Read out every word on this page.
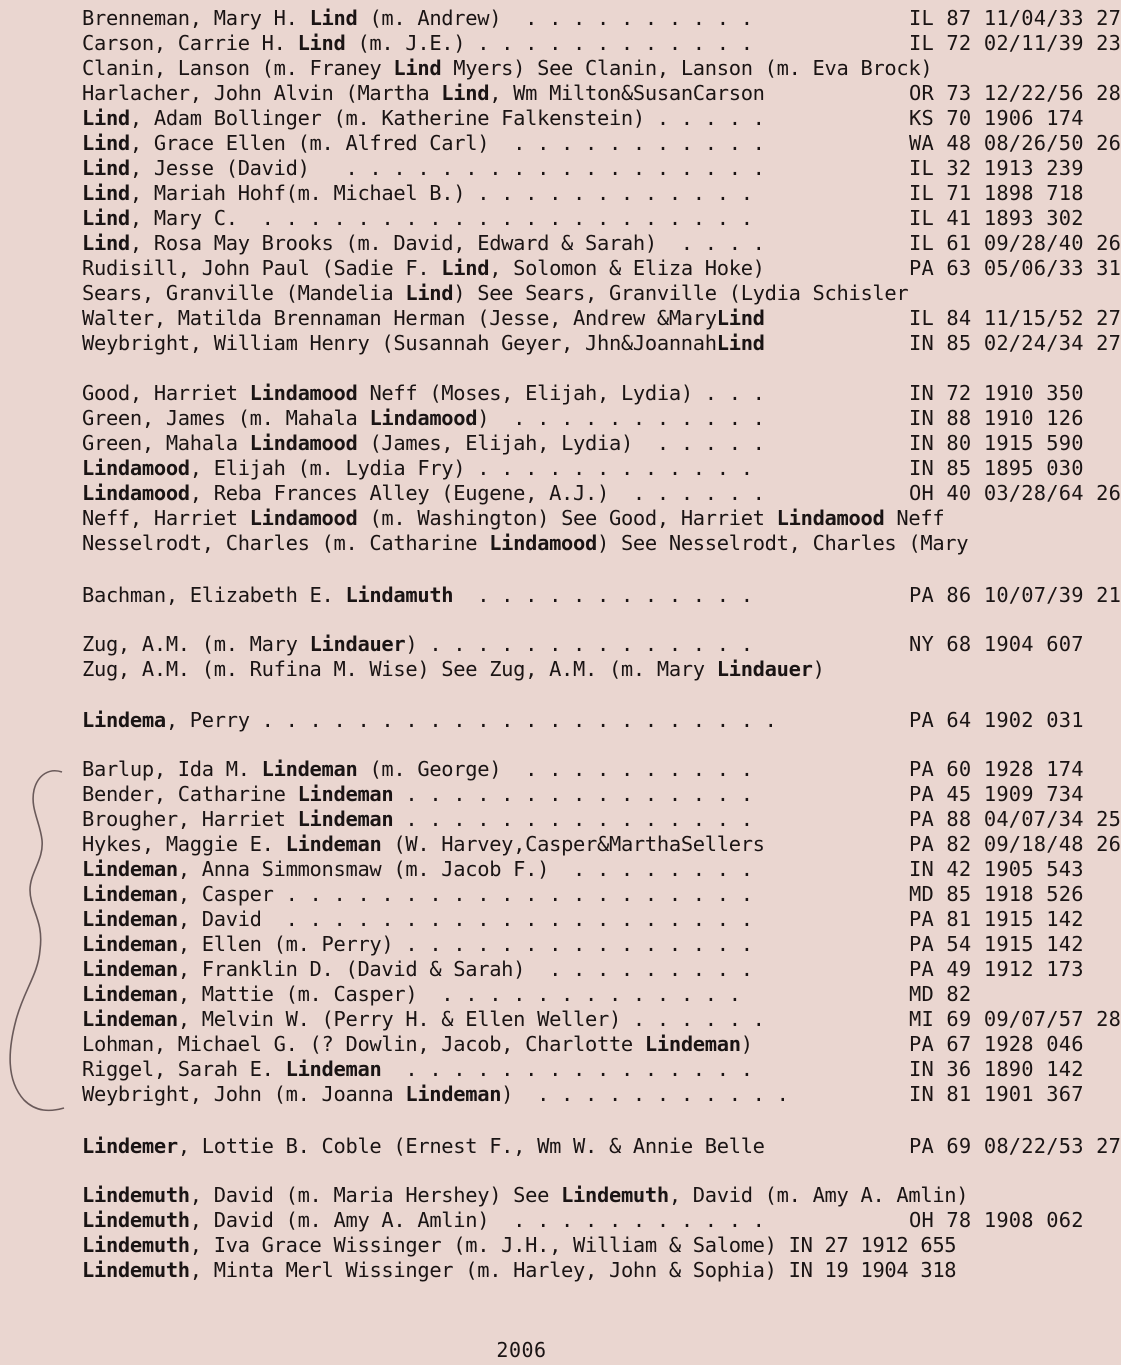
Brenneman, Mary H. Lind (m. Andrew)  . . . . . . . . . .	IL 87 11/04/33 27
Carson, Carrie H. Lind (m. J.E.) . . . . . . . . . . . .	IL 72 02/11/39 23
Clanin, Lanson (m. Franey Lind Myers) See Clanin, Lanson (m. Eva Brock)
Harlacher, John Alvin (Martha Lind, Wm Milton&SusanCarson	OR 73 12/22/56 28
Lind, Adam Bollinger (m. Katherine Falkenstein) . . . . .	KS 70 1906 174
Lind, Grace Ellen (m. Alfred Carl)  . . . . . . . . . . .	WA 48 08/26/50 26
Lind, Jesse (David)   . . . . . . . . . . . . . . . . . .	IL 32 1913 239
Lind, Mariah Hohf(m. Michael B.) . . . . . . . . . . . .	IL 71 1898 718
Lind, Mary C.  . . . . . . . . . . . . . . . . . . . . .	IL 41 1893 302
Lind, Rosa May Brooks (m. David, Edward & Sarah)  . . . .	IL 61 09/28/40 26
Rudisill, John Paul (Sadie F. Lind, Solomon & Eliza Hoke)	PA 63 05/06/33 31
Sears, Granville (Mandelia Lind) See Sears, Granville (Lydia Schisler
Walter, Matilda Brennaman Herman (Jesse, Andrew &MaryLind	IL 84 11/15/52 27
Weybright, William Henry (Susannah Geyer, Jhn&JoannahLind	IN 85 02/24/34 27
Good, Harriet Lindamood Neff (Moses, Elijah, Lydia) . . .	IN 72 1910 350
Green, James (m. Mahala Lindamood)  . . . . . . . . . . .	IN 88 1910 126
Green, Mahala Lindamood (James, Elijah, Lydia)  . . . . .	IN 80 1915 590
Lindamood, Elijah (m. Lydia Fry) . . . . . . . . . . . .	IN 85 1895 030
Lindamood, Reba Frances Alley (Eugene, A.J.)  . . . . . .	OH 40 03/28/64 26
Neff, Harriet Lindamood (m. Washington) See Good, Harriet Lindamood Neff
Nesselrodt, Charles (m. Catharine Lindamood) See Nesselrodt, Charles (Mary
Bachman, Elizabeth E. Lindamuth  . . . . . . . . . . . .	PA 86 10/07/39 21
Zug, A.M. (m. Mary Lindauer) . . . . . . . . . . . . . .	NY 68 1904 607
Zug, A.M. (m. Rufina M. Wise) See Zug, A.M. (m. Mary Lindauer)
Lindema, Perry . . . . . . . . . . . . . . . . . . . . . .	PA 64 1902 031
Barlup, Ida M. Lindeman (m. George)  . . . . . . . . . .	PA 60 1928 174
Bender, Catharine Lindeman . . . . . . . . . . . . . . .	PA 45 1909 734
Brougher, Harriet Lindeman . . . . . . . . . . . . . . .	PA 88 04/07/34 25
Hykes, Maggie E. Lindeman (W. Harvey,Casper&MarthaSellers	PA 82 09/18/48 26
Lindeman, Anna Simmonsmaw (m. Jacob F.)  . . . . . . . .	IN 42 1905 543
Lindeman, Casper . . . . . . . . . . . . . . . . . . . .	MD 85 1918 526
Lindeman, David  . . . . . . . . . . . . . . . . . . . .	PA 81 1915 142
Lindeman, Ellen (m. Perry) . . . . . . . . . . . . . . .	PA 54 1915 142
Lindeman, Franklin D. (David & Sarah)  . . . . . . . . .	PA 49 1912 173
Lindeman, Mattie (m. Casper)  . . . . . . . . . . . . .	MD 82
Lindeman, Melvin W. (Perry H. & Ellen Weller) . . . . . .	MI 69 09/07/57 28
Lohman, Michael G. (? Dowlin, Jacob, Charlotte Lindeman)	PA 67 1928 046
Riggel, Sarah E. Lindeman  . . . . . . . . . . . . . . .	IN 36 1890 142
Weybright, John (m. Joanna Lindeman)  . . . . . . . . . . .	IN 81 1901 367
Lindemer, Lottie B. Coble (Ernest F., Wm W. & Annie Belle	PA 69 08/22/53 27
Lindemuth, David (m. Maria Hershey) See Lindemuth, David (m. Amy A. Amlin)
Lindemuth, David (m. Amy A. Amlin)  . . . . . . . . . . .	OH 78 1908 062
Lindemuth, Iva Grace Wissinger (m. J.H., William & Salome) IN 27 1912 655
Lindemuth, Minta Merl Wissinger (m. Harley, John & Sophia) IN 19 1904 318
2006
